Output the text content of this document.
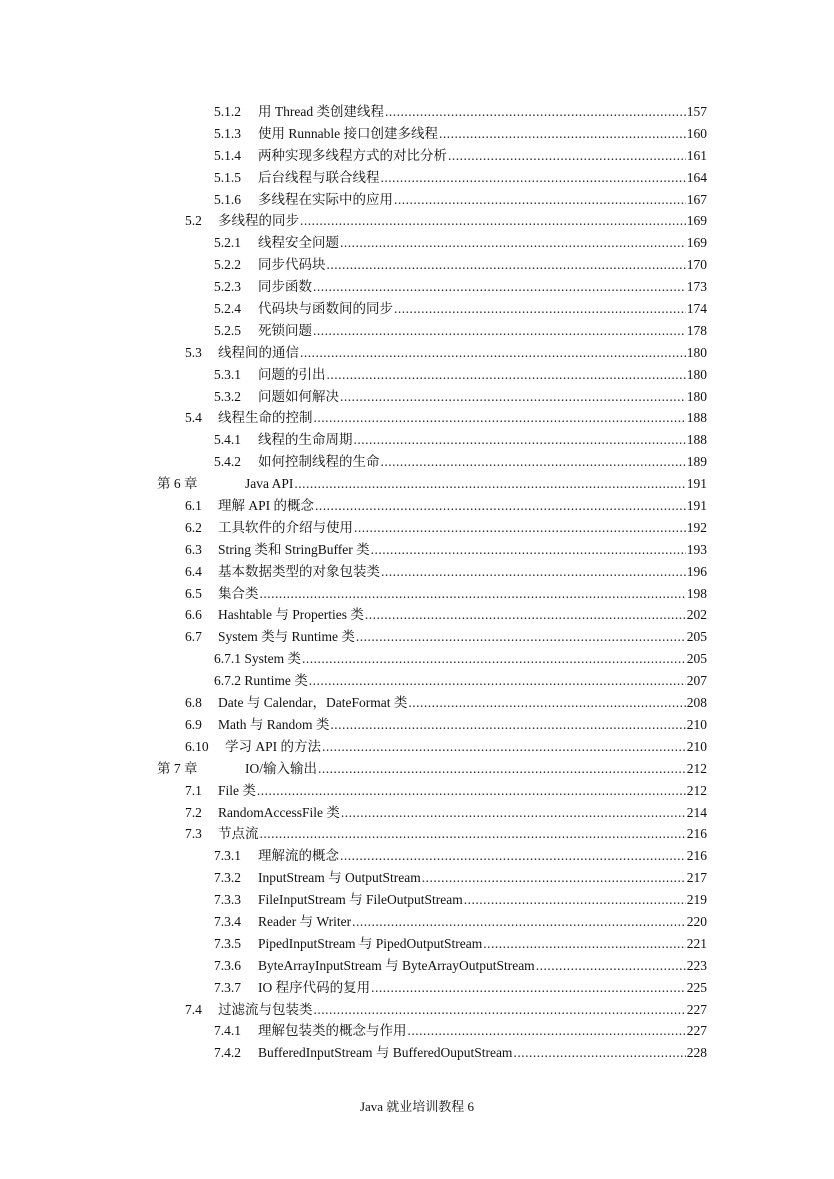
5.1.2	用 Thread 类创建线程 .....	157
5.1.3	使用 Runnable 接口创建多线程 .....	160
5.1.4	两种实现多线程方式的对比分析 .....	161
5.1.5	后台线程与联合线程 .....	164
5.1.6	多线程在实际中的应用 .....	167
5.2	多线程的同步 .....	169
5.2.1	线程安全问题 .....	169
5.2.2	同步代码块 .....	170
5.2.3	同步函数 .....	173
5.2.4	代码块与函数间的同步 .....	174
5.2.5	死锁问题 .....	178
5.3	线程间的通信 .....	180
5.3.1	问题的引出 .....	180
5.3.2	问题如何解决 .....	180
5.4	线程生命的控制 .....	188
5.4.1	线程的生命周期 .....	188
5.4.2	如何控制线程的生命 .....	189
第 6 章	Java API .....	191
6.1	理解 API 的概念 .....	191
6.2	工具软件的介绍与使用 .....	192
6.3	String 类和 StringBuffer 类 .....	193
6.4	基本数据类型的对象包装类 .....	196
6.5	集合类 .....	198
6.6	Hashtable 与 Properties 类 .....	202
6.7	System 类与 Runtime 类 .....	205
6.7.1 System 类 .....	205
6.7.2 Runtime 类 .....	207
6.8	Date 与 Calendar，DateFormat 类 .....	208
6.9	Math 与 Random 类 .....	210
6.10	学习 API 的方法 .....	210
第 7 章	IO/输入输出 .....	212
7.1	File 类 .....	212
7.2	RandomAccessFile 类 .....	214
7.3	节点流 .....	216
7.3.1	理解流的概念 .....	216
7.3.2	InputStream 与 OutputStream .....	217
7.3.3	FileInputStream 与 FileOutputStream .....	219
7.3.4	Reader 与 Writer .....	220
7.3.5	PipedInputStream 与 PipedOutputStream .....	221
7.3.6	ByteArrayInputStream 与 ByteArrayOutputStream .....	223
7.3.7	IO 程序代码的复用 .....	225
7.4	过滤流与包装类 .....	227
7.4.1	理解包装类的概念与作用 .....	227
7.4.2	BufferedInputStream 与 BufferedOuputStream .....	228
Java 就业培训教程 6
